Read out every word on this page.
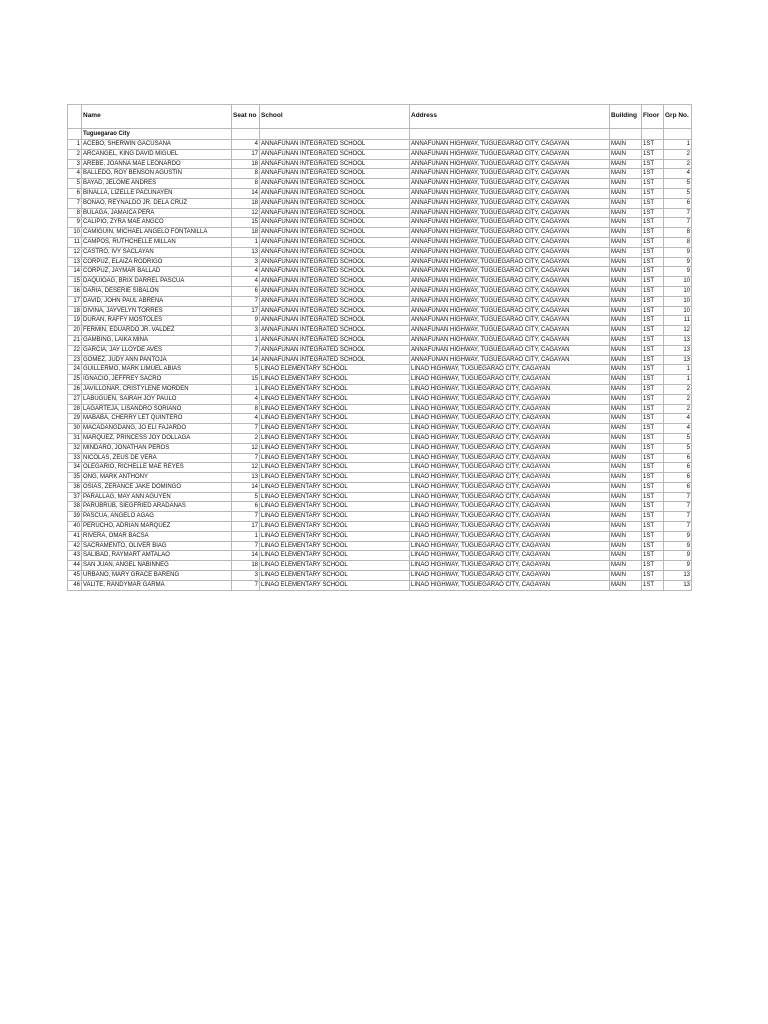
	Name	Seat no	School	Address	Building	Floor	Grp No.
	Tuguegarao City						
1	ACEBO, SHERWIN GACUSANA	4	ANNAFUNAN INTEGRATED SCHOOL	ANNAFUNAN HIGHWAY, TUGUEGARAO CITY, CAGAYAN	MAIN	1ST	1
2	ARCANGEL, KING DAVID MIGUEL	17	ANNAFUNAN INTEGRATED SCHOOL	ANNAFUNAN HIGHWAY, TUGUEGARAO CITY, CAGAYAN	MAIN	1ST	2
3	AREBE, JOANNA MAE LEONARDO	18	ANNAFUNAN INTEGRATED SCHOOL	ANNAFUNAN HIGHWAY, TUGUEGARAO CITY, CAGAYAN	MAIN	1ST	2
4	BALLEDO, ROY BENSON AGUSTIN	8	ANNAFUNAN INTEGRATED SCHOOL	ANNAFUNAN HIGHWAY, TUGUEGARAO CITY, CAGAYAN	MAIN	1ST	4
5	BAYAD, JELOME ANDRES	8	ANNAFUNAN INTEGRATED SCHOOL	ANNAFUNAN HIGHWAY, TUGUEGARAO CITY, CAGAYAN	MAIN	1ST	5
6	BINALLA, LIZELLE PACUNAYEN	14	ANNAFUNAN INTEGRATED SCHOOL	ANNAFUNAN HIGHWAY, TUGUEGARAO CITY, CAGAYAN	MAIN	1ST	5
7	BONAO, REYNALDO JR. DELA CRUZ	18	ANNAFUNAN INTEGRATED SCHOOL	ANNAFUNAN HIGHWAY, TUGUEGARAO CITY, CAGAYAN	MAIN	1ST	6
8	BULAGA, JAMAICA PERA	12	ANNAFUNAN INTEGRATED SCHOOL	ANNAFUNAN HIGHWAY, TUGUEGARAO CITY, CAGAYAN	MAIN	1ST	7
9	CALIPIO, ZYRA MAE ANGCO	15	ANNAFUNAN INTEGRATED SCHOOL	ANNAFUNAN HIGHWAY, TUGUEGARAO CITY, CAGAYAN	MAIN	1ST	7
10	CAMIGUIN, MICHAEL ANGELO FONTANILLA	18	ANNAFUNAN INTEGRATED SCHOOL	ANNAFUNAN HIGHWAY, TUGUEGARAO CITY, CAGAYAN	MAIN	1ST	8
11	CAMPOS, RUTHCHELLE MILLAN	1	ANNAFUNAN INTEGRATED SCHOOL	ANNAFUNAN HIGHWAY, TUGUEGARAO CITY, CAGAYAN	MAIN	1ST	8
12	CASTRO, IVY SACLAYAN	13	ANNAFUNAN INTEGRATED SCHOOL	ANNAFUNAN HIGHWAY, TUGUEGARAO CITY, CAGAYAN	MAIN	1ST	9
13	CORPUZ, ELAIZA RODRIGO	3	ANNAFUNAN INTEGRATED SCHOOL	ANNAFUNAN HIGHWAY, TUGUEGARAO CITY, CAGAYAN	MAIN	1ST	9
14	CORPUZ, JAYMAR BALLAD	4	ANNAFUNAN INTEGRATED SCHOOL	ANNAFUNAN HIGHWAY, TUGUEGARAO CITY, CAGAYAN	MAIN	1ST	9
15	DAQUIOAG, BRIX DARREL PASCUA	4	ANNAFUNAN INTEGRATED SCHOOL	ANNAFUNAN HIGHWAY, TUGUEGARAO CITY, CAGAYAN	MAIN	1ST	10
16	DARIA, DESERIE SIBALON	6	ANNAFUNAN INTEGRATED SCHOOL	ANNAFUNAN HIGHWAY, TUGUEGARAO CITY, CAGAYAN	MAIN	1ST	10
17	DAVID, JOHN PAUL ABRENA	7	ANNAFUNAN INTEGRATED SCHOOL	ANNAFUNAN HIGHWAY, TUGUEGARAO CITY, CAGAYAN	MAIN	1ST	10
18	DIVINA, JAYVELYN TORRES	17	ANNAFUNAN INTEGRATED SCHOOL	ANNAFUNAN HIGHWAY, TUGUEGARAO CITY, CAGAYAN	MAIN	1ST	10
19	DURAN, RAFFY MOSTOLES	9	ANNAFUNAN INTEGRATED SCHOOL	ANNAFUNAN HIGHWAY, TUGUEGARAO CITY, CAGAYAN	MAIN	1ST	11
20	FERMIN, EDUARDO JR. VALDEZ	3	ANNAFUNAN INTEGRATED SCHOOL	ANNAFUNAN HIGHWAY, TUGUEGARAO CITY, CAGAYAN	MAIN	1ST	12
21	GAMBING, LAIKA MINA	1	ANNAFUNAN INTEGRATED SCHOOL	ANNAFUNAN HIGHWAY, TUGUEGARAO CITY, CAGAYAN	MAIN	1ST	13
22	GARCIA, JAY LLOYDE AVES	7	ANNAFUNAN INTEGRATED SCHOOL	ANNAFUNAN HIGHWAY, TUGUEGARAO CITY, CAGAYAN	MAIN	1ST	13
23	GOMEZ, JUDY ANN PANTOJA	14	ANNAFUNAN INTEGRATED SCHOOL	ANNAFUNAN HIGHWAY, TUGUEGARAO CITY, CAGAYAN	MAIN	1ST	13
24	GUILLERMO, MARK LIMUEL ABIAS	5	LINAO ELEMENTARY SCHOOL	LINAO HIGHWAY, TUGUEGARAO CITY, CAGAYAN	MAIN	1ST	1
25	IGNACIO, JEFFREY SACRO	15	LINAO ELEMENTARY SCHOOL	LINAO HIGHWAY, TUGUEGARAO CITY, CAGAYAN	MAIN	1ST	1
26	JAVILLONAR, CRISTYLENE MORDEN	1	LINAO ELEMENTARY SCHOOL	LINAO HIGHWAY, TUGUEGARAO CITY, CAGAYAN	MAIN	1ST	2
27	LABUGUEN, SAIRAH JOY PAULO	4	LINAO ELEMENTARY SCHOOL	LINAO HIGHWAY, TUGUEGARAO CITY, CAGAYAN	MAIN	1ST	2
28	LAGARTEJA, LISANDRO SORIANO	8	LINAO ELEMENTARY SCHOOL	LINAO HIGHWAY, TUGUEGARAO CITY, CAGAYAN	MAIN	1ST	2
29	MABABA, CHERRY LET QUINTERO	4	LINAO ELEMENTARY SCHOOL	LINAO HIGHWAY, TUGUEGARAO CITY, CAGAYAN	MAIN	1ST	4
30	MACADANGDANG, JO ELI FAJARDO	7	LINAO ELEMENTARY SCHOOL	LINAO HIGHWAY, TUGUEGARAO CITY, CAGAYAN	MAIN	1ST	4
31	MARQUEZ, PRINCESS JOY DOLLAGA	2	LINAO ELEMENTARY SCHOOL	LINAO HIGHWAY, TUGUEGARAO CITY, CAGAYAN	MAIN	1ST	5
32	MINDARO, JONATHAN PEROS	12	LINAO ELEMENTARY SCHOOL	LINAO HIGHWAY, TUGUEGARAO CITY, CAGAYAN	MAIN	1ST	5
33	NICOLAS, ZEUS DE VERA	7	LINAO ELEMENTARY SCHOOL	LINAO HIGHWAY, TUGUEGARAO CITY, CAGAYAN	MAIN	1ST	6
34	OLEGARIO, RICHELLE MAE REYES	12	LINAO ELEMENTARY SCHOOL	LINAO HIGHWAY, TUGUEGARAO CITY, CAGAYAN	MAIN	1ST	6
35	ONG, MARK ANTHONY	13	LINAO ELEMENTARY SCHOOL	LINAO HIGHWAY, TUGUEGARAO CITY, CAGAYAN	MAIN	1ST	6
36	OSIAS, ZERANCE JAKE DOMINGO	14	LINAO ELEMENTARY SCHOOL	LINAO HIGHWAY, TUGUEGARAO CITY, CAGAYAN	MAIN	1ST	6
37	PARALLAG, MAY ANN AGUYEN	5	LINAO ELEMENTARY SCHOOL	LINAO HIGHWAY, TUGUEGARAO CITY, CAGAYAN	MAIN	1ST	7
38	PARUBRUB, SIEGFRIED ARADANAS	6	LINAO ELEMENTARY SCHOOL	LINAO HIGHWAY, TUGUEGARAO CITY, CAGAYAN	MAIN	1ST	7
39	PASCUA, ANGELO AGAG	7	LINAO ELEMENTARY SCHOOL	LINAO HIGHWAY, TUGUEGARAO CITY, CAGAYAN	MAIN	1ST	7
40	PERUCHO, ADRIAN MARQUEZ	17	LINAO ELEMENTARY SCHOOL	LINAO HIGHWAY, TUGUEGARAO CITY, CAGAYAN	MAIN	1ST	7
41	RIVERA, OMAR BACSA	1	LINAO ELEMENTARY SCHOOL	LINAO HIGHWAY, TUGUEGARAO CITY, CAGAYAN	MAIN	1ST	9
42	SACRAMENTO, OLIVER BIAG	7	LINAO ELEMENTARY SCHOOL	LINAO HIGHWAY, TUGUEGARAO CITY, CAGAYAN	MAIN	1ST	9
43	SALIBAD, RAYMART AMTALAO	14	LINAO ELEMENTARY SCHOOL	LINAO HIGHWAY, TUGUEGARAO CITY, CAGAYAN	MAIN	1ST	9
44	SAN JUAN, ANGEL NABINNEG	18	LINAO ELEMENTARY SCHOOL	LINAO HIGHWAY, TUGUEGARAO CITY, CAGAYAN	MAIN	1ST	9
45	URBANO, MARY GRACE BARENG	3	LINAO ELEMENTARY SCHOOL	LINAO HIGHWAY, TUGUEGARAO CITY, CAGAYAN	MAIN	1ST	13
46	VALITE, RANDYMAR GARMA	7	LINAO ELEMENTARY SCHOOL	LINAO HIGHWAY, TUGUEGARAO CITY, CAGAYAN	MAIN	1ST	13
